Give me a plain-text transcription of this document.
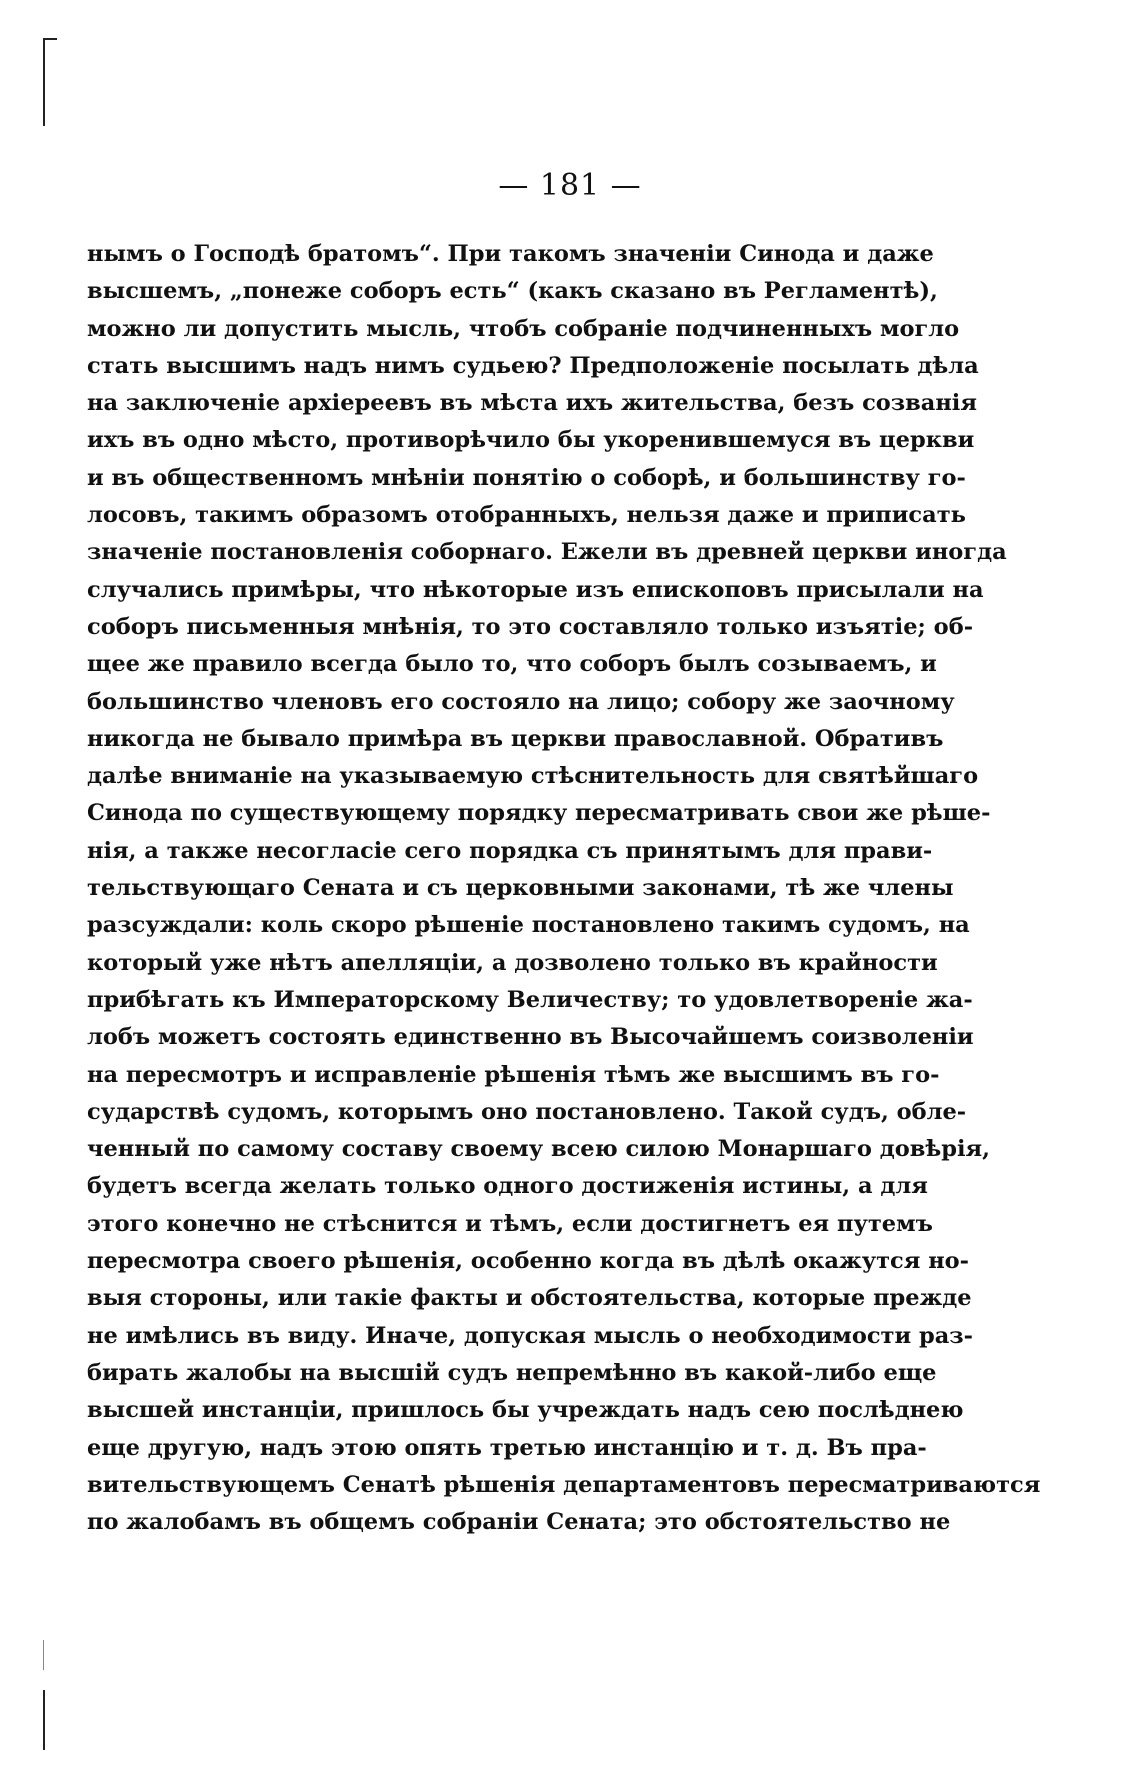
— 181 —
нымъ о Господѣ братомъ“. При такомъ значенiи Синода и даже
высшемъ, „понеже соборъ есть“ (какъ сказано въ Регламентѣ),
можно ли допустить мысль, чтобъ собранiе подчиненныхъ могло
стать высшимъ надъ нимъ судьею? Предположенiе посылать дѣла
на заключенiе архiереевъ въ мѣста ихъ жительства, безъ созванiя
ихъ въ одно мѣсто, противорѣчило бы укоренившемуся въ церкви
и въ общественномъ мнѣнiи понятiю о соборѣ, и большинству го-
лосовъ, такимъ образомъ отобранныхъ, нельзя даже и приписать
значенiе постановленiя соборнаго. Ежели въ древней церкви иногда
случались примѣры, что нѣкоторые изъ епископовъ присылали на
соборъ письменныя мнѣнiя, то это составляло только изъятiе; об-
щее же правило всегда было то, что соборъ былъ созываемъ, и
большинство членовъ его состояло на лицо; собору же заочному
никогда не бывало примѣра въ церкви православной. Обративъ
далѣе вниманiе на указываемую стѣснительность для святѣйшаго
Синода по существующему порядку пересматривать свои же рѣше-
нiя, а также несогласiе сего порядка съ принятымъ для прави-
тельствующаго Сената и съ церковными законами, тѣ же члены
разсуждали: коль скоро рѣшенiе постановлено такимъ судомъ, на
который уже нѣтъ апелляцiи, а дозволено только въ крайности
прибѣгать къ Императорскому Величеству; то удовлетворенiе жа-
лобъ можетъ состоять единственно въ Высочайшемъ соизволенiи
на пересмотръ и исправленiе рѣшенiя тѣмъ же высшимъ въ го-
сударствѣ судомъ, которымъ оно постановлено. Такой судъ, обле-
ченный по самому составу своему всею силою Монаршаго довѣрiя,
будетъ всегда желать только одного достиженiя истины, а для
этого конечно не стѣснится и тѣмъ, если достигнетъ ея путемъ
пересмотра своего рѣшенiя, особенно когда въ дѣлѣ окажутся но-
выя стороны, или такiе факты и обстоятельства, которые прежде
не имѣлись въ виду. Иначе, допуская мысль о необходимости раз-
бирать жалобы на высшiй судъ непремѣнно въ какой-либо еще
высшей инстанцiи, пришлось бы учреждать надъ сею послѣднею
еще другую, надъ этою опять третью инстанцiю и т. д. Въ пра-
вительствующемъ Сенатѣ рѣшенiя департаментовъ пересматриваются
по жалобамъ въ общемъ собранiи Сената; это обстоятельство не
